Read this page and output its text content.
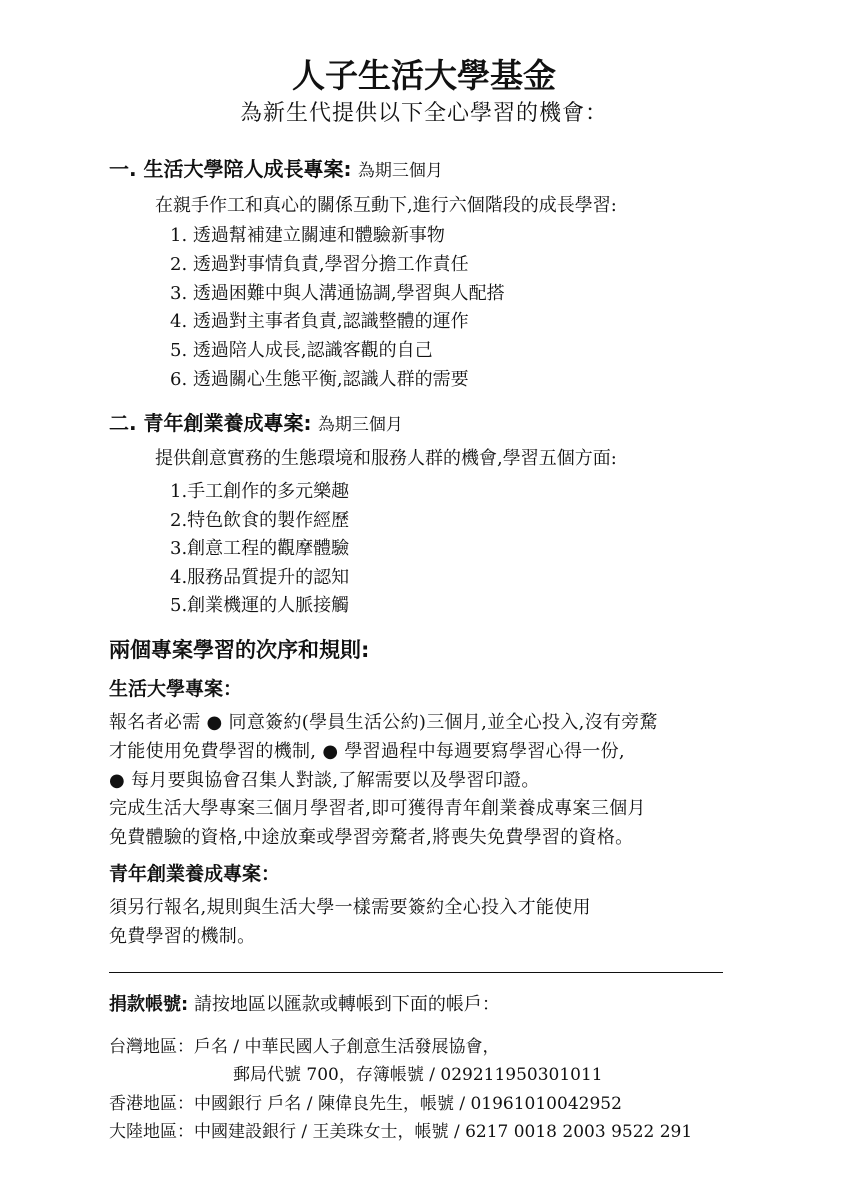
人子生活大學基金
為新生代提供以下全心學習的機會：
一. 生活大學陪人成長專案: 為期三個月
在親手作工和真心的關係互動下,進行六個階段的成長學習:
1. 透過幫補建立關連和體驗新事物
2. 透過對事情負責,學習分擔工作責任
3. 透過困難中與人溝通協調,學習與人配搭
4. 透過對主事者負責,認識整體的運作
5. 透過陪人成長,認識客觀的自己
6. 透過關心生態平衡,認識人群的需要
二. 青年創業養成專案: 為期三個月
提供創意實務的生態環境和服務人群的機會,學習五個方面:
1.手工創作的多元樂趣
2.特色飲食的製作經歷
3.創意工程的觀摩體驗
4.服務品質提升的認知
5.創業機運的人脈接觸
兩個專案學習的次序和規則:
生活大學專案：
報名者必需 ● 同意簽約(學員生活公約)三個月,並全心投入,沒有旁騖
才能使用免費學習的機制, ● 學習過程中每週要寫學習心得一份,
● 每月要與協會召集人對談,了解需要以及學習印證。
完成生活大學專案三個月學習者,即可獲得青年創業養成專案三個月
免費體驗的資格,中途放棄或學習旁騖者,將喪失免費學習的資格。
青年創業養成專案：
須另行報名,規則與生活大學一樣需要簽約全心投入才能使用
免費學習的機制。
捐款帳號: 請按地區以匯款或轉帳到下面的帳戶：
台灣地區：戶名 / 中華民國人子創意生活發展協會，
郵局代號 700，存簿帳號 / 029211950301011
香港地區：中國銀行 戶名 / 陳偉良先生，帳號 / 01961010042952
大陸地區：中國建設銀行 / 王美珠女士，帳號 / 6217 0018 2003 9522 291
